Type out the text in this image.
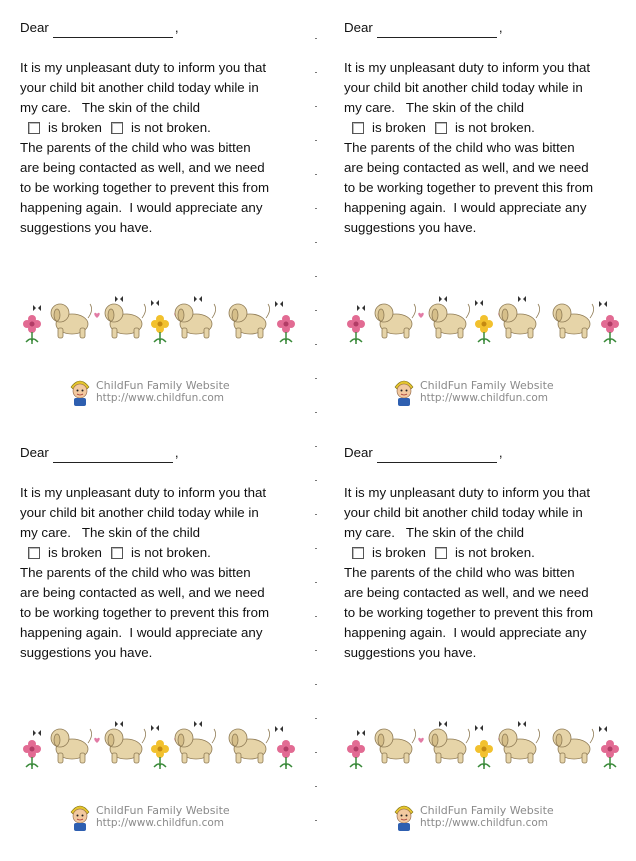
Dear	,

It is my unpleasant duty to inform you that

your child bit another child today while in

my care.   The skin of the child

is broken is not broken.

The parents of the child who was bitten

are being contacted as well, and we need

to be working together to prevent this from

happening again.  I would appreciate any

suggestions you have.

ChildFun Family Website
http://www.childfun.com
Dear	,

It is my unpleasant duty to inform you that

your child bit another child today while in

my care.   The skin of the child

is broken is not broken.

The parents of the child who was bitten

are being contacted as well, and we need

to be working together to prevent this from

happening again.  I would appreciate any

suggestions you have.

ChildFun Family Website
http://www.childfun.com
Dear	,

It is my unpleasant duty to inform you that

your child bit another child today while in

my care.   The skin of the child

is broken is not broken.

The parents of the child who was bitten

are being contacted as well, and we need

to be working together to prevent this from

happening again.  I would appreciate any

suggestions you have.

ChildFun Family Website
http://www.childfun.com
Dear	,

It is my unpleasant duty to inform you that

your child bit another child today while in

my care.   The skin of the child

is broken is not broken.

The parents of the child who was bitten

are being contacted as well, and we need

to be working together to prevent this from

happening again.  I would appreciate any

suggestions you have.

ChildFun Family Website
http://www.childfun.com
